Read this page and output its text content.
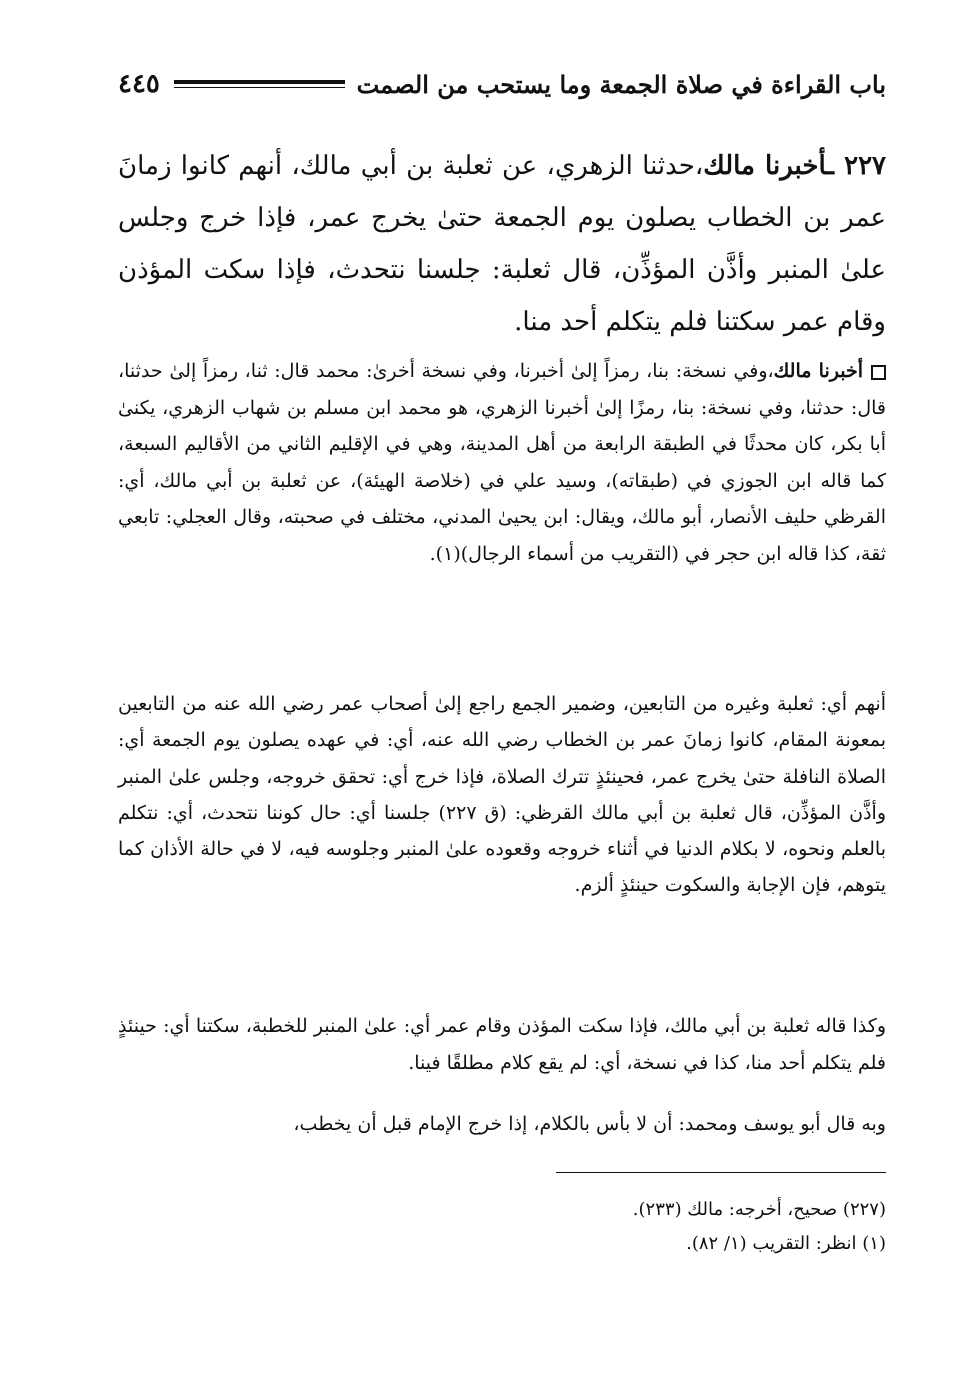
٤٤٥	باب القراءة في صلاة الجمعة وما يستحب من الصمت
٢٢٧ ـأخبرنا مالك،حدثنا الزهري، عن ثعلبة بن أبي مالك، أنهم كانوا زمانَ عمر بن الخطاب يصلون يوم الجمعة حتىٰ يخرج عمر، فإذا خرج وجلس علىٰ المنبر وأذَّن المؤذِّن، قال ثعلبة: جلسنا نتحدث، فإذا سكت المؤذن وقام عمر سكتنا فلم يتكلم أحد منا.
أخبرنا مالك،وفي نسخة: بنا، رمزاً إلىٰ أخبرنا، وفي نسخة أخرىٰ: محمد قال: ثنا، رمزاً إلىٰ حدثنا، قال: حدثنا، وفي نسخة: بنا، رمزًا إلىٰ أخبرنا الزهري، هو محمد ابن مسلم بن شهاب الزهري، يكنىٰ أبا بكر، كان محدثًا في الطبقة الرابعة من أهل المدينة، وهي في الإقليم الثاني من الأقاليم السبعة، كما قاله ابن الجوزي في (طبقاته)، وسيد علي في (خلاصة الهيئة)، عن ثعلبة بن أبي مالك، أي: القرظي حليف الأنصار، أبو مالك، ويقال: ابن يحيىٰ المدني، مختلف في صحبته، وقال العجلي: تابعي ثقة، كذا قاله ابن حجر في (التقريب من أسماء الرجال)(١).
أنهم أي: ثعلبة وغيره من التابعين، وضمير الجمع راجع إلىٰ أصحاب عمر رضي الله عنه من التابعين بمعونة المقام، كانوا زمانَ عمر بن الخطاب رضي الله عنه، أي: في عهده يصلون يوم الجمعة أي: الصلاة النافلة حتىٰ يخرج عمر، فحينئذٍ تترك الصلاة، فإذا خرج أي: تحقق خروجه، وجلس علىٰ المنبر وأذَّن المؤذِّن، قال ثعلبة بن أبي مالك القرظي: (ق ٢٢٧) جلسنا أي: حال كوننا نتحدث، أي: نتكلم بالعلم ونحوه، لا بكلام الدنيا في أثناء خروجه وقعوده علىٰ المنبر وجلوسه فيه، لا في حالة الأذان كما يتوهم، فإن الإجابة والسكوت حينئذٍ ألزم.
وكذا قاله ثعلبة بن أبي مالك، فإذا سكت المؤذن وقام عمر أي: علىٰ المنبر للخطبة، سكتنا أي: حينئذٍ فلم يتكلم أحد منا، كذا في نسخة، أي: لم يقع كلام مطلقًا فينا.
وبه قال أبو يوسف ومحمد: أن لا بأس بالكلام، إذا خرج الإمام قبل أن يخطب،
(٢٢٧) صحيح، أخرجه: مالك (٢٣٣).
(١) انظر: التقريب (١/ ٨٢).
